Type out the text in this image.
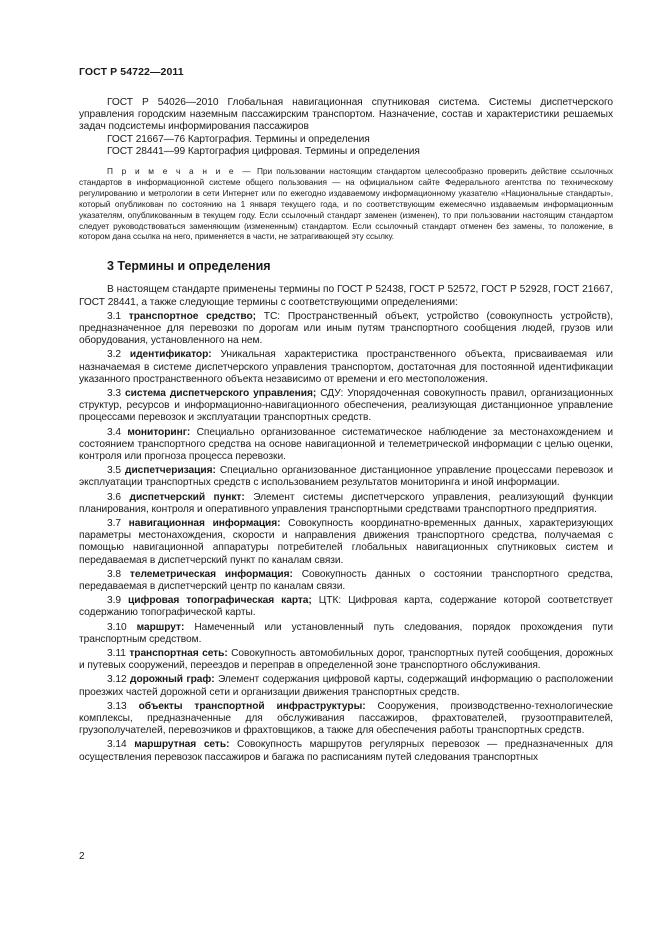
ГОСТ Р 54722—2011

ГОСТ Р 54026—2010 Глобальная навигационная спутниковая система. Системы диспетчерского управления городским наземным пассажирским транспортом. Назначение, состав и характеристики решаемых задач подсистемы информирования пассажиров

ГОСТ 21667—76 Картография. Термины и определения

ГОСТ 28441—99 Картография цифровая. Термины и определения

П р и м е ч а н и е — При пользовании настоящим стандартом целесообразно проверить действие ссылочных стандартов в информационной системе общего пользования — на официальном сайте Федерального агентства по техническому регулированию и метрологии в сети Интернет или по ежегодно издаваемому информационному указателю «Национальные стандарты», который опубликован по состоянию на 1 января текущего года, и по соответствующим ежемесячно издаваемым информационным указателям, опубликованным в текущем году. Если ссылочный стандарт заменен (изменен), то при пользовании настоящим стандартом следует руководствоваться заменяющим (измененным) стандартом. Если ссылочный стандарт отменен без замены, то положение, в котором дана ссылка на него, применяется в части, не затрагивающей эту ссылку.

3 Термины и определения

В настоящем стандарте применены термины по ГОСТ Р 52438, ГОСТ Р 52572, ГОСТ Р 52928, ГОСТ 21667, ГОСТ 28441, а также следующие термины с соответствующими определениями:

3.1 транспортное средство; ТС: Пространственный объект, устройство (совокупность устройств), предназначенное для перевозки по дорогам или иным путям транспортного сообщения людей, грузов или оборудования, установленного на нем.

3.2 идентификатор: Уникальная характеристика пространственного объекта, присваиваемая или назначаемая в системе диспетчерского управления транспортом, достаточная для постоянной идентификации указанного пространственного объекта независимо от времени и его местоположения.

3.3 система диспетчерского управления; СДУ: Упорядоченная совокупность правил, организационных структур, ресурсов и информационно-навигационного обеспечения, реализующая дистанционное управление процессами перевозок и эксплуатации транспортных средств.

3.4 мониторинг: Специально организованное систематическое наблюдение за местонахождением и состоянием транспортного средства на основе навигационной и телеметрической информации с целью оценки, контроля или прогноза процесса перевозки.

3.5 диспетчеризация: Специально организованное дистанционное управление процессами перевозок и эксплуатации транспортных средств с использованием результатов мониторинга и иной информации.

3.6 диспетчерский пункт: Элемент системы диспетчерского управления, реализующий функции планирования, контроля и оперативного управления транспортными средствами транспортного предприятия.

3.7 навигационная информация: Совокупность координатно-временных данных, характеризующих параметры местонахождения, скорости и направления движения транспортного средства, получаемая с помощью навигационной аппаратуры потребителей глобальных навигационных спутниковых систем и передаваемая в диспетчерский пункт по каналам связи.

3.8 телеметрическая информация: Совокупность данных о состоянии транспортного средства, передаваемая в диспетчерский центр по каналам связи.

3.9 цифровая топографическая карта; ЦТК: Цифровая карта, содержание которой соответствует содержанию топографической карты.

3.10 маршрут: Намеченный или установленный путь следования, порядок прохождения пути транспортным средством.

3.11 транспортная сеть: Совокупность автомобильных дорог, транспортных путей сообщения, дорожных и путевых сооружений, переездов и переправ в определенной зоне транспортного обслуживания.

3.12 дорожный граф: Элемент содержания цифровой карты, содержащий информацию о расположении проезжих частей дорожной сети и организации движения транспортных средств.

3.13 объекты транспортной инфраструктуры: Сооружения, производственно-технологические комплексы, предназначенные для обслуживания пассажиров, фрахтователей, грузоотправителей, грузополучателей, перевозчиков и фрахтовщиков, а также для обеспечения работы транспортных средств.

3.14 маршрутная сеть: Совокупность маршрутов регулярных перевозок — предназначенных для осуществления перевозок пассажиров и багажа по расписаниям путей следования транспортных

2
